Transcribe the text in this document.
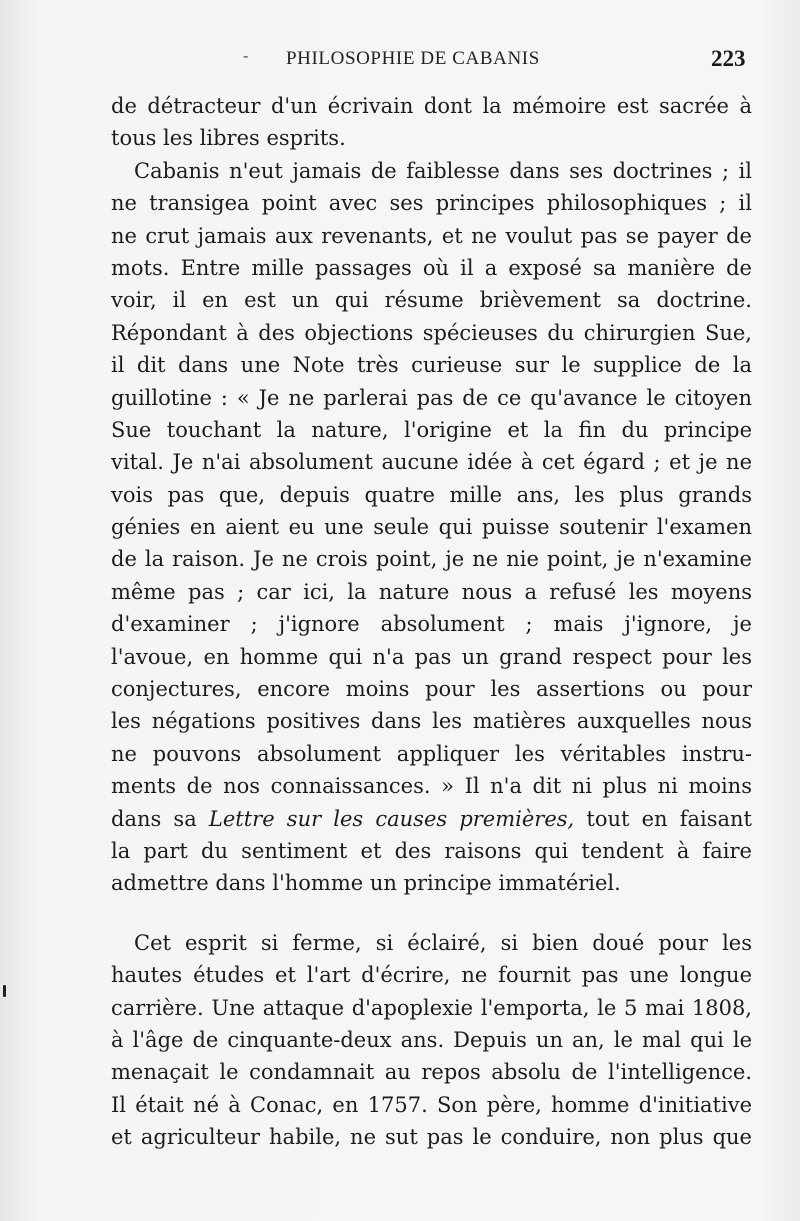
- PHILOSOPHIE DE CABANIS	223
de détracteur d'un écrivain dont la mémoire est sacrée à
tous les libres esprits.
Cabanis n'eut jamais de faiblesse dans ses doctrines ; il
ne transigea point avec ses principes philosophiques ; il
ne crut jamais aux revenants, et ne voulut pas se payer de
mots. Entre mille passages où il a exposé sa manière de
voir, il en est un qui résume brièvement sa doctrine.
Répondant à des objections spécieuses du chirurgien Sue,
il dit dans une Note très curieuse sur le supplice de la
guillotine : « Je ne parlerai pas de ce qu'avance le citoyen
Sue touchant la nature, l'origine et la fin du principe
vital. Je n'ai absolument aucune idée à cet égard ; et je ne
vois pas que, depuis quatre mille ans, les plus grands
génies en aient eu une seule qui puisse soutenir l'examen
de la raison. Je ne crois point, je ne nie point, je n'examine
même pas ; car ici, la nature nous a refusé les moyens
d'examiner ; j'ignore absolument ; mais j'ignore, je
l'avoue, en homme qui n'a pas un grand respect pour les
conjectures, encore moins pour les assertions ou pour
les négations positives dans les matières auxquelles nous
ne pouvons absolument appliquer les véritables instru-
ments de nos connaissances. » Il n'a dit ni plus ni moins
dans sa Lettre sur les causes premières, tout en faisant
la part du sentiment et des raisons qui tendent à faire
admettre dans l'homme un principe immatériel.
Cet esprit si ferme, si éclairé, si bien doué pour les
hautes études et l'art d'écrire, ne fournit pas une longue
carrière. Une attaque d'apoplexie l'emporta, le 5 mai 1808,
à l'âge de cinquante-deux ans. Depuis un an, le mal qui le
menaçait le condamnait au repos absolu de l'intelligence.
Il était né à Conac, en 1757. Son père, homme d'initiative
et agriculteur habile, ne sut pas le conduire, non plus que
